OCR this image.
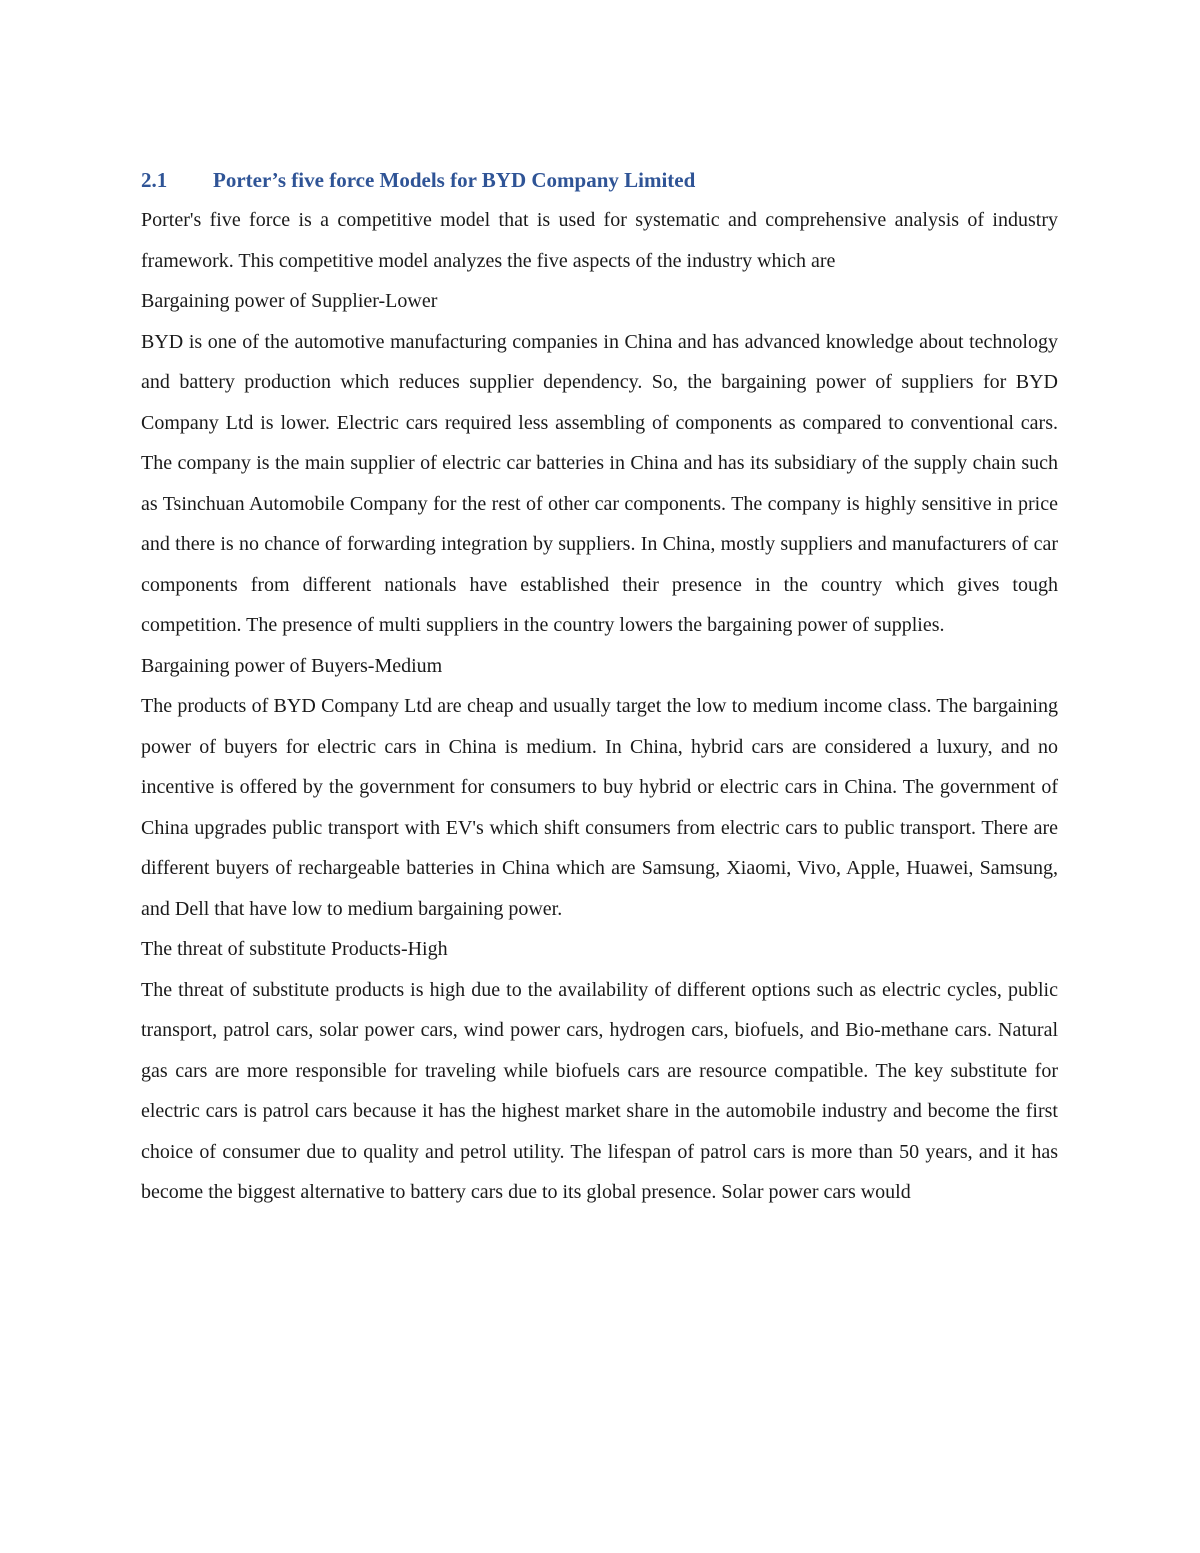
2.1	Porter’s five force Models for BYD Company Limited

Porter's five force is a competitive model that is used for systematic and comprehensive analysis of industry framework. This competitive model analyzes the five aspects of the industry which are

Bargaining power of Supplier-Lower

BYD is one of the automotive manufacturing companies in China and has advanced knowledge about technology and battery production which reduces supplier dependency. So, the bargaining power of suppliers for BYD Company Ltd is lower. Electric cars required less assembling of components as compared to conventional cars. The company is the main supplier of electric car batteries in China and has its subsidiary of the supply chain such as Tsinchuan Automobile Company for the rest of other car components. The company is highly sensitive in price and there is no chance of forwarding integration by suppliers. In China, mostly suppliers and manufacturers of car components from different nationals have established their presence in the country which gives tough competition. The presence of multi suppliers in the country lowers the bargaining power of supplies.

Bargaining power of Buyers-Medium

The products of BYD Company Ltd are cheap and usually target the low to medium income class. The bargaining power of buyers for electric cars in China is medium. In China, hybrid cars are considered a luxury, and no incentive is offered by the government for consumers to buy hybrid or electric cars in China. The government of China upgrades public transport with EV's which shift consumers from electric cars to public transport. There are different buyers of rechargeable batteries in China which are Samsung, Xiaomi, Vivo, Apple, Huawei, Samsung, and Dell that have low to medium bargaining power.

The threat of substitute Products-High

The threat of substitute products is high due to the availability of different options such as electric cycles, public transport, patrol cars, solar power cars, wind power cars, hydrogen cars, biofuels, and Bio-methane cars. Natural gas cars are more responsible for traveling while biofuels cars are resource compatible. The key substitute for electric cars is patrol cars because it has the highest market share in the automobile industry and become the first choice of consumer due to quality and petrol utility. The lifespan of patrol cars is more than 50 years, and it has become the biggest alternative to battery cars due to its global presence. Solar power cars would
